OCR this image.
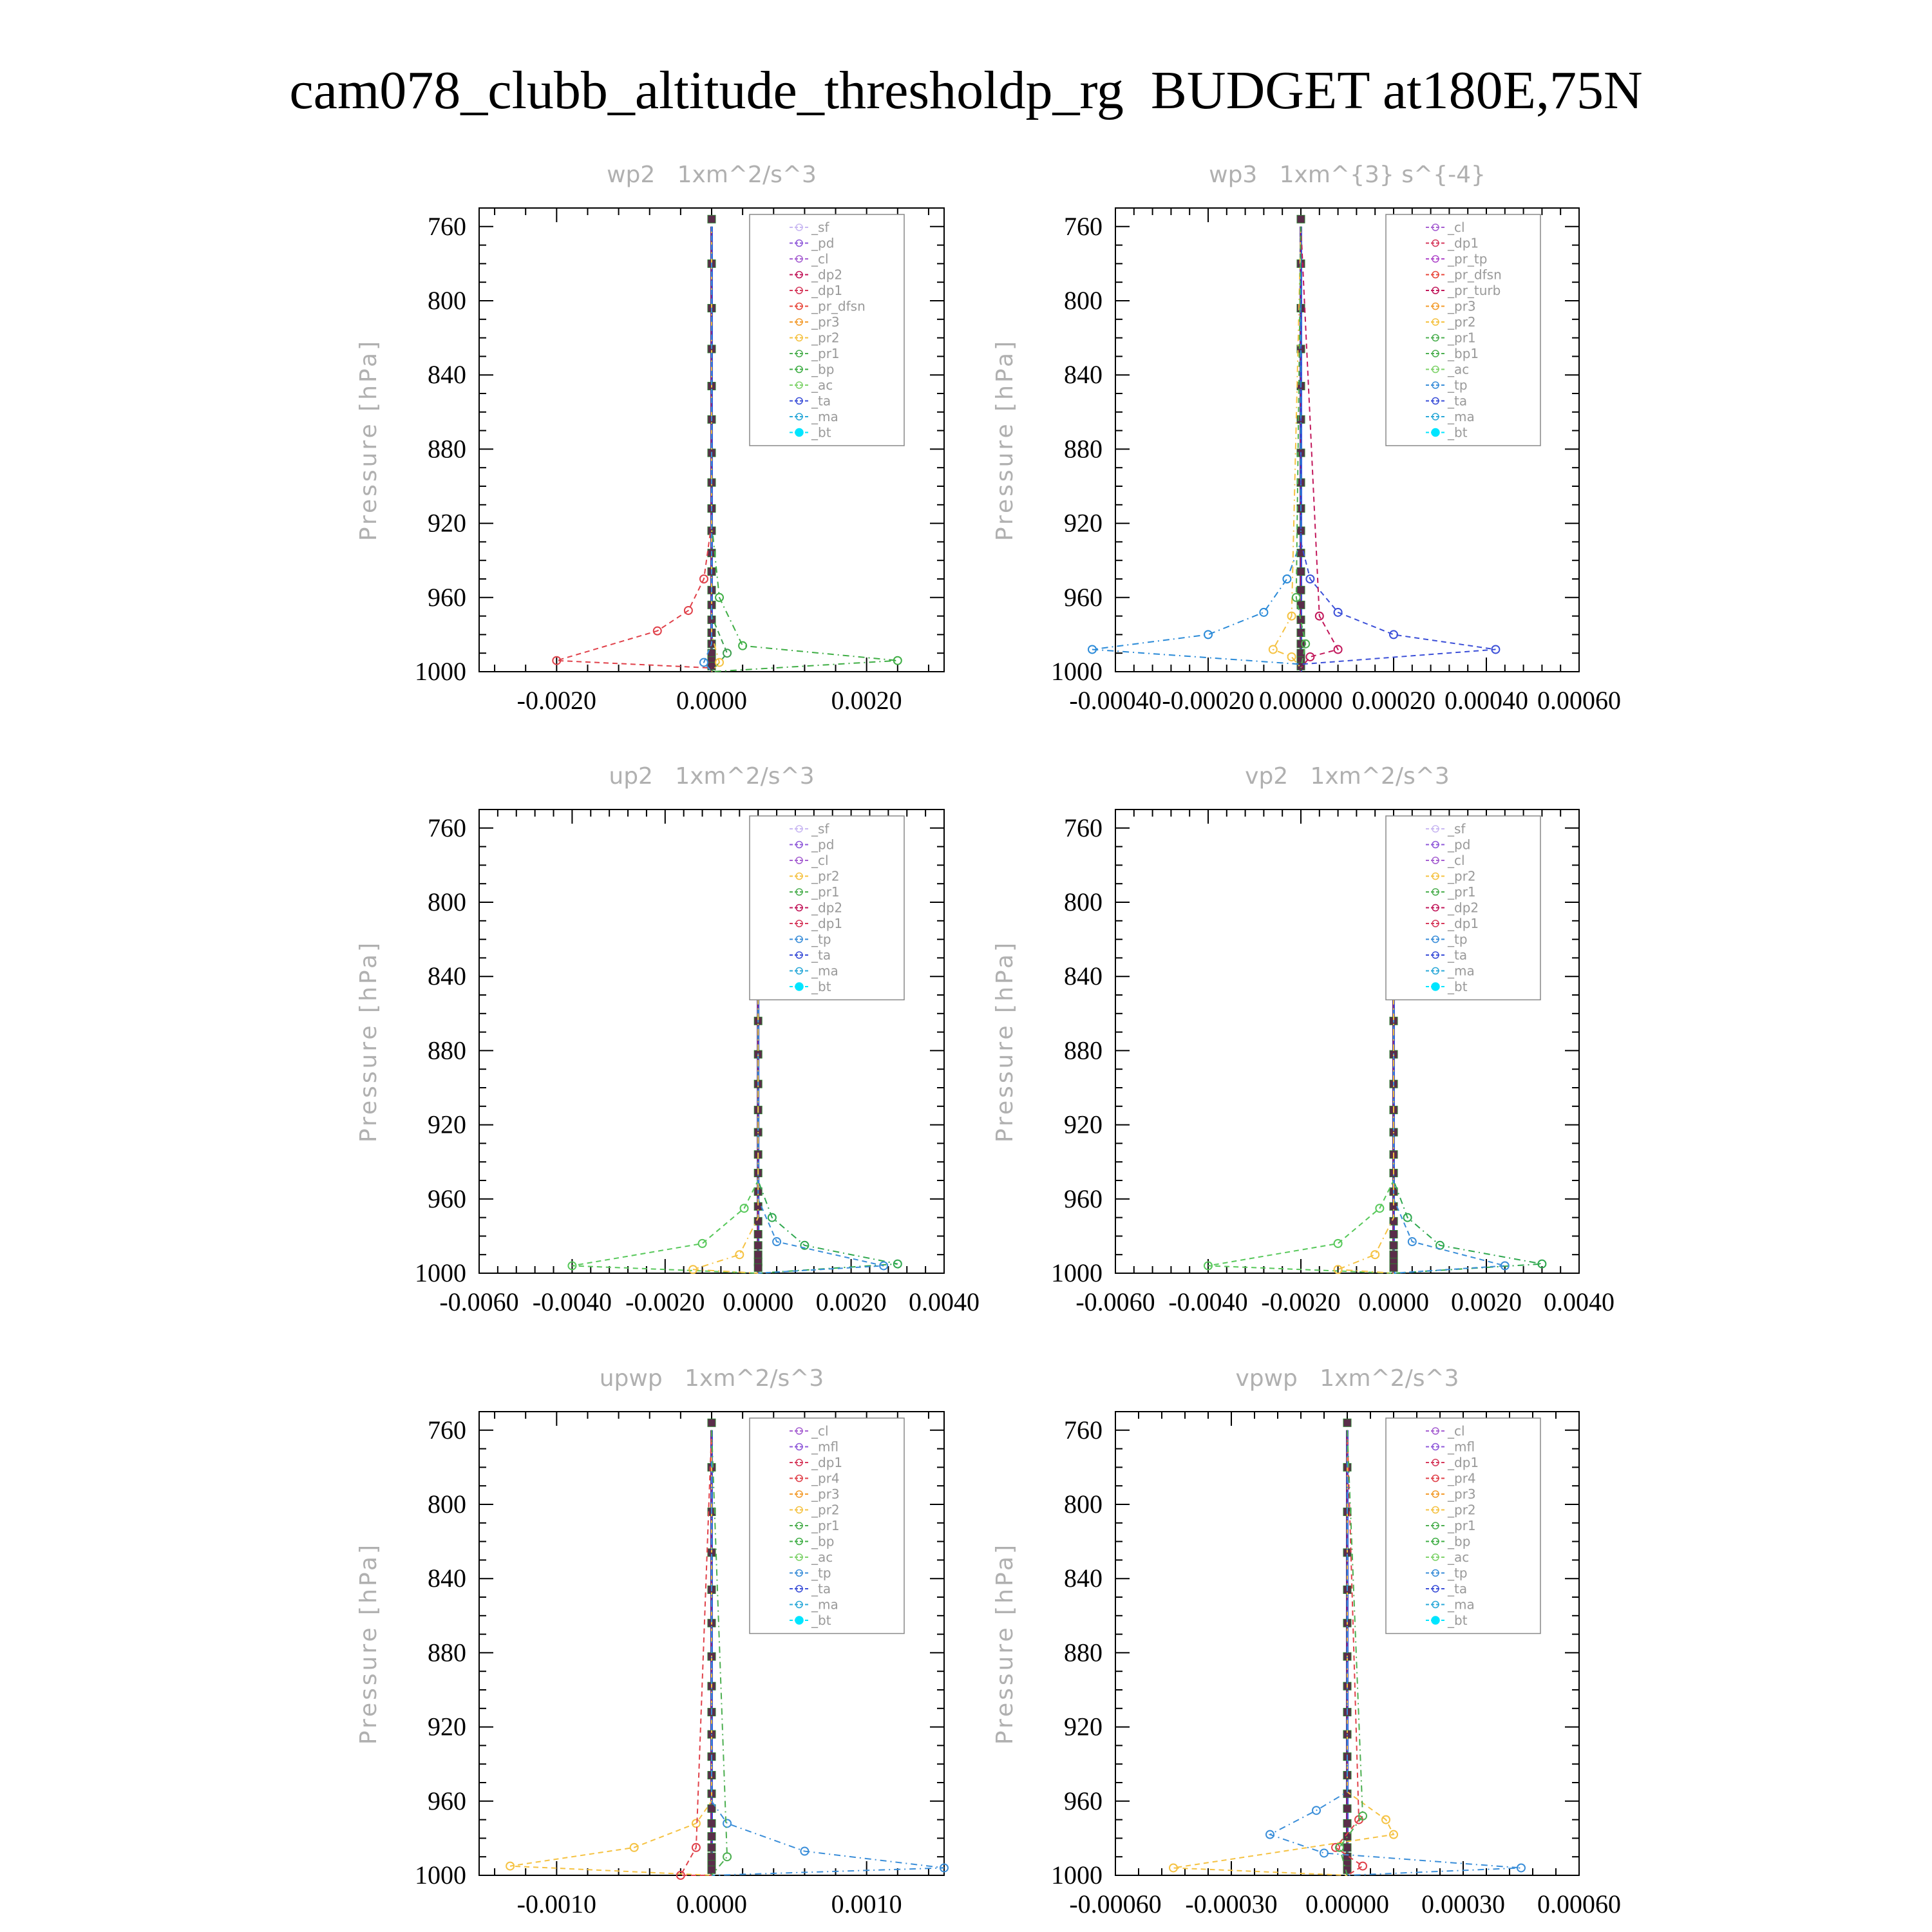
cam078_clubb_altitude_thresholdp_rg  BUDGET at180E,75N
wp2   1xm^2/s^3
Pressure [hPa]
760
800
840
880
920
960
1000
-0.0020	0.0000	0.0020
_sf
_pd
_cl
_dp2
_dp1
_pr_dfsn
_pr3
_pr2
_pr1
_bp
_ac
_ta
_ma
_bt
wp3   1xm^{3} s^{-4}
Pressure [hPa]
760
800
840
880
920
960
1000
-0.00040 -0.00020 0.00000 0.00020 0.00040 0.00060
_cl
_dp1
_pr_tp
_pr_dfsn
_pr_turb
_pr3
_pr2
_pr1
_bp1
_ac
_tp
_ta
_ma
_bt
up2   1xm^2/s^3
Pressure [hPa]
760
800
840
880
920
960
1000
-0.0060 -0.0040 -0.0020 0.0000 0.0020 0.0040
_sf
_pd
_cl
_pr2
_pr1
_dp2
_dp1
_tp
_ta
_ma
_bt
vp2   1xm^2/s^3
Pressure [hPa]
760
800
840
880
920
960
1000
-0.0060 -0.0040 -0.0020 0.0000 0.0020 0.0040
_sf
_pd
_cl
_pr2
_pr1
_dp2
_dp1
_tp
_ta
_ma
_bt
upwp   1xm^2/s^3
Pressure [hPa]
760
800
840
880
920
960
1000
-0.0010	0.0000	0.0010
_cl
_mfl
_dp1
_pr4
_pr3
_pr2
_pr1
_bp
_ac
_tp
_ta
_ma
_bt
vpwp   1xm^2/s^3
Pressure [hPa]
760
800
840
880
920
960
1000
-0.00060 -0.00030 0.00000 0.00030 0.00060
_cl
_mfl
_dp1
_pr4
_pr3
_pr2
_pr1
_bp
_ac
_tp
_ta
_ma
_bt
